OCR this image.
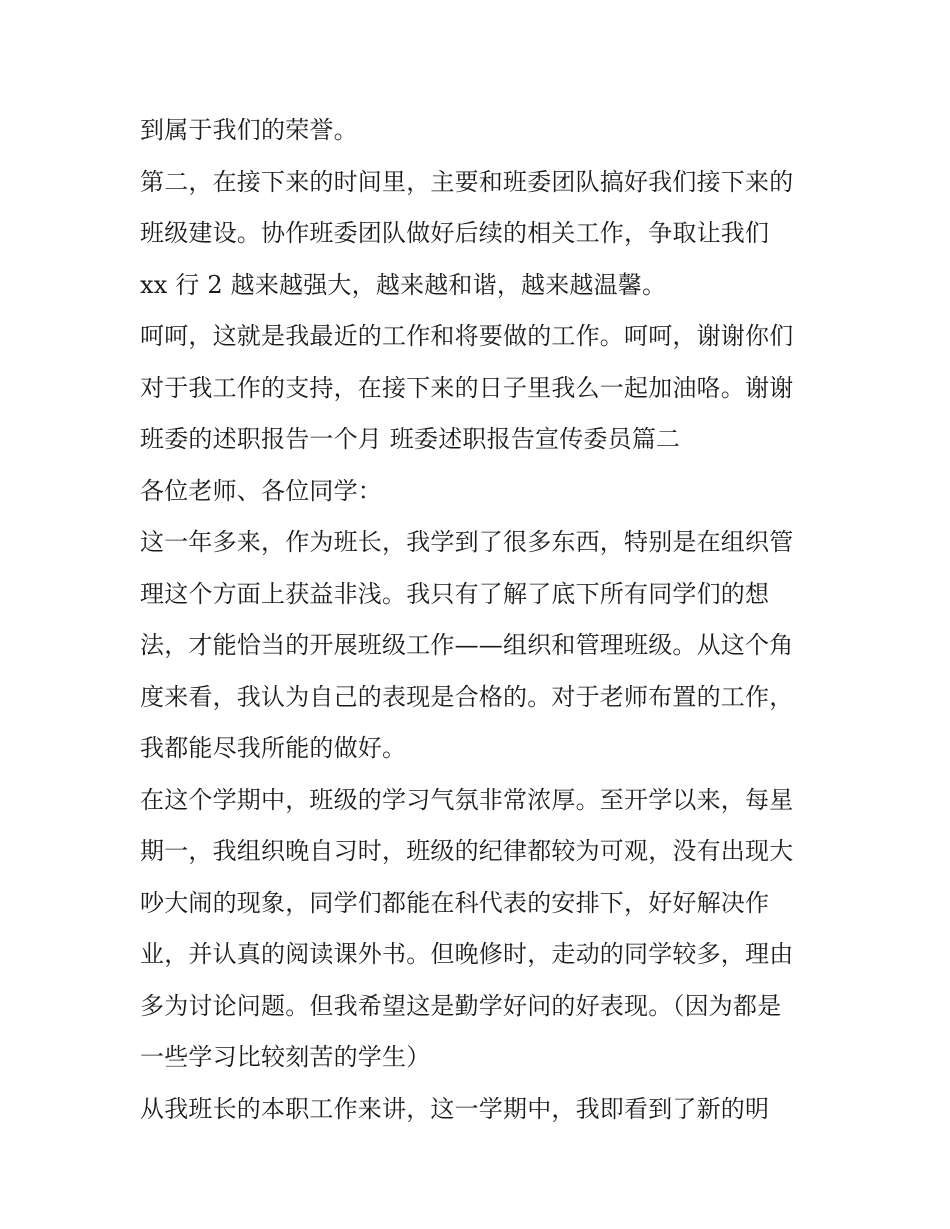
到属于我们的荣誉。
第二，在接下来的时间里，主要和班委团队搞好我们接下来的
班级建设。协作班委团队做好后续的相关工作，争取让我们
xx 行 2 越来越强大，越来越和谐，越来越温馨。
呵呵，这就是我最近的工作和将要做的工作。呵呵，谢谢你们
对于我工作的支持，在接下来的日子里我么一起加油咯。谢谢
班委的述职报告一个月 班委述职报告宣传委员篇二
各位老师、各位同学：
这一年多来，作为班长，我学到了很多东西，特别是在组织管
理这个方面上获益非浅。我只有了解了底下所有同学们的想
法，才能恰当的开展班级工作——组织和管理班级。从这个角
度来看，我认为自己的表现是合格的。对于老师布置的工作，
我都能尽我所能的做好。
在这个学期中，班级的学习气氛非常浓厚。至开学以来，每星
期一，我组织晚自习时，班级的纪律都较为可观，没有出现大
吵大闹的现象，同学们都能在科代表的安排下，好好解决作
业，并认真的阅读课外书。但晚修时，走动的同学较多，理由
多为讨论问题。但我希望这是勤学好问的好表现。（因为都是
一些学习比较刻苦的学生）
从我班长的本职工作来讲，这一学期中，我即看到了新的明
